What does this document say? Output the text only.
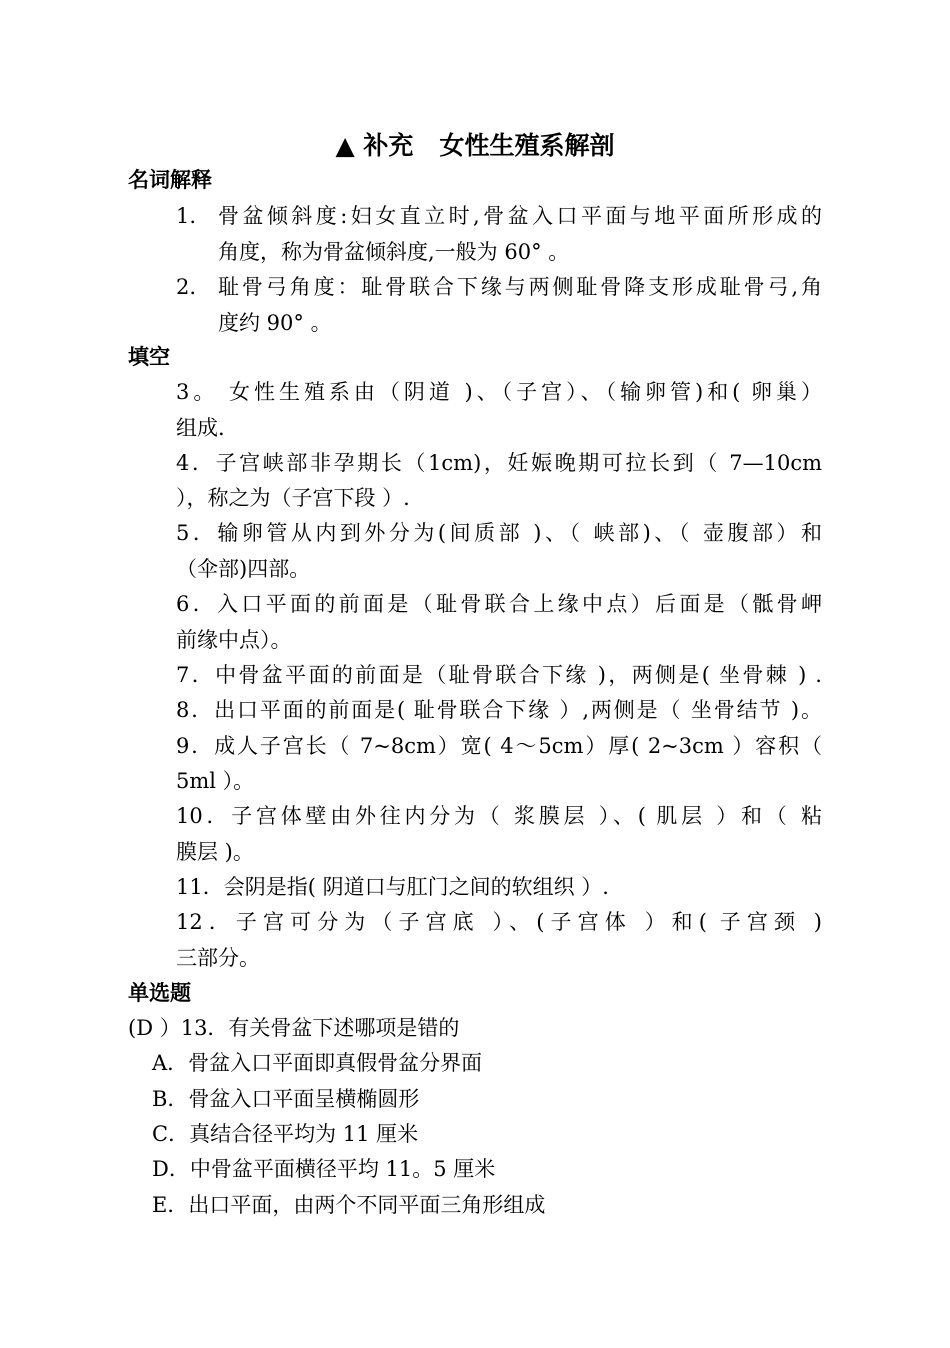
▲ 补充   女性生殖系解剖
名词解释
1. 骨盆倾斜度:妇女直立时,骨盆入口平面与地平面所形成的
角度，称为骨盆倾斜度,一般为 60° 。
2. 耻骨弓角度：耻骨联合下缘与两侧耻骨降支形成耻骨弓,角
度约 90° 。
填空
3。 女性生殖系由（阴道 )、（子宫）、（输卵管)和( 卵巢）
组成.
4．子宫峡部非孕期长（1cm)，妊娠晚期可拉长到（ 7—10cm
），称之为（子宫下段 ）.
5．输卵管从内到外分为(间质部 )、（ 峡部)、（ 壶腹部）和
（伞部)四部。
6．入口平面的前面是（耻骨联合上缘中点）后面是（骶骨岬
前缘中点）。
7．中骨盆平面的前面是（耻骨联合下缘 )，两侧是( 坐骨棘 ) .
8．出口平面的前面是( 耻骨联合下缘 ）,两侧是（ 坐骨结节 )。
9．成人子宫长（ 7~8cm）宽( 4～5cm）厚( 2~3cm ）容积（
5ml ）。
10．子宫体壁由外往内分为（ 浆膜层 ）、( 肌层 ）和（ 粘
膜层 )。
11．会阴是指( 阴道口与肛门之间的软组织 ）.
12．子宫可分为（子宫底 ）、(子宫体 ）和( 子宫颈 )
三部分。
单选题
(D ）13．有关骨盆下述哪项是错的
A．骨盆入口平面即真假骨盆分界面
B．骨盆入口平面呈横椭圆形
C．真结合径平均为 11 厘米
D．中骨盆平面横径平均 11。5 厘米
E．出口平面，由两个不同平面三角形组成
